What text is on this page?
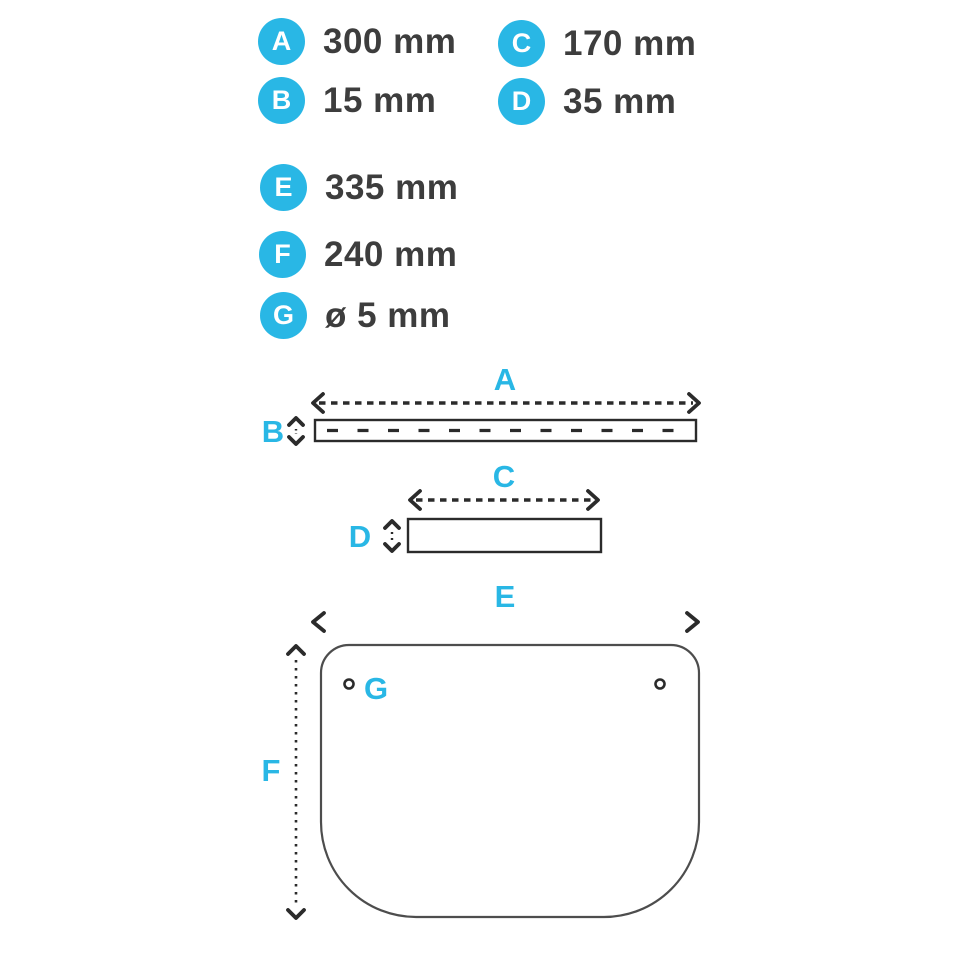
A 300 mm	C 170 mm
B 15 mm	D 35 mm
E 335 mm
F 240 mm
G ø 5 mm
A
B
C
D
E
G
F
